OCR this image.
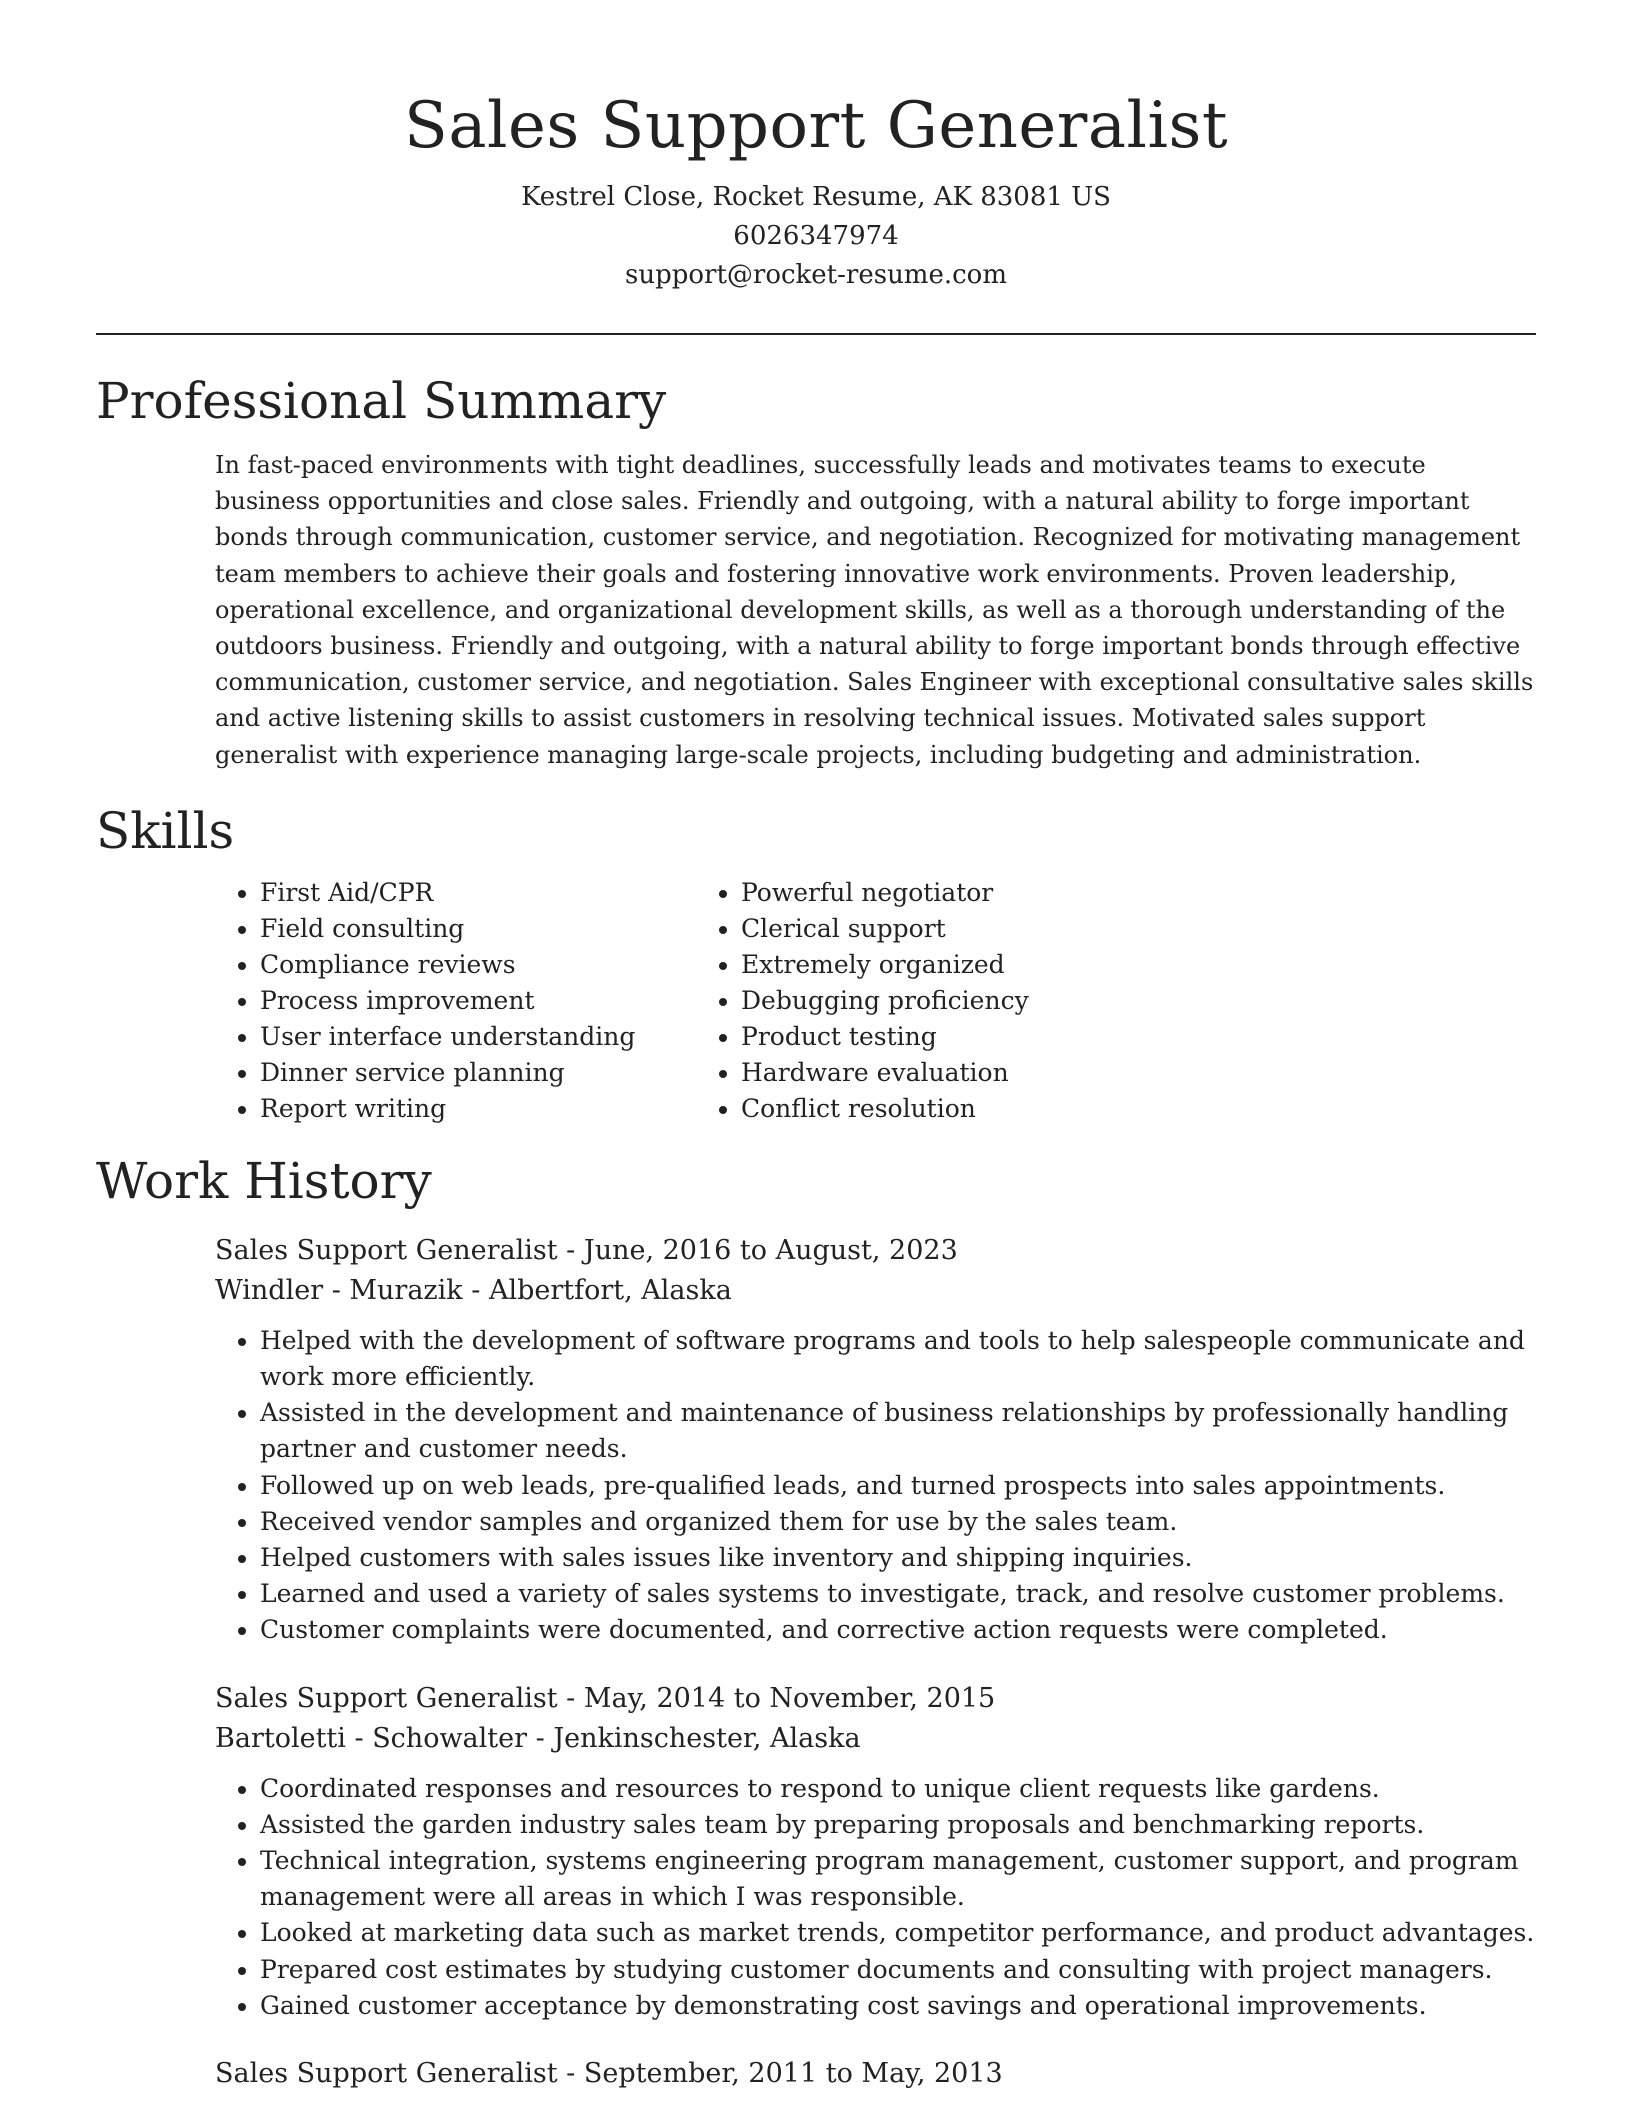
Sales Support Generalist

Kestrel Close, Rocket Resume, AK 83081 US

6026347974

support@rocket-resume.com

Professional Summary

In fast-paced environments with tight deadlines, successfully leads and motivates teams to execute business opportunities and close sales. Friendly and outgoing, with a natural ability to forge important bonds through communication, customer service, and negotiation. Recognized for motivating management team members to achieve their goals and fostering innovative work environments. Proven leadership, operational excellence, and organizational development skills, as well as a thorough understanding of the outdoors business. Friendly and outgoing, with a natural ability to forge important bonds through effective communication, customer service, and negotiation. Sales Engineer with exceptional consultative sales skills and active listening skills to assist customers in resolving technical issues. Motivated sales support generalist with experience managing large-scale projects, including budgeting and administration.

Skills
• First Aid/CPR
• Field consulting
• Compliance reviews
• Process improvement
• User interface understanding
• Dinner service planning
• Report writing
• Powerful negotiator
• Clerical support
• Extremely organized
• Debugging proficiency
• Product testing
• Hardware evaluation
• Conflict resolution
Work History
Sales Support Generalist - June, 2016 to August, 2023
Windler - Murazik - Albertfort, Alaska
• Helped with the development of software programs and tools to help salespeople communicate and work more efficiently.
• Assisted in the development and maintenance of business relationships by professionally handling partner and customer needs.
• Followed up on web leads, pre-qualified leads, and turned prospects into sales appointments.
• Received vendor samples and organized them for use by the sales team.
• Helped customers with sales issues like inventory and shipping inquiries.
• Learned and used a variety of sales systems to investigate, track, and resolve customer problems.
• Customer complaints were documented, and corrective action requests were completed.
Sales Support Generalist - May, 2014 to November, 2015
Bartoletti - Schowalter - Jenkinschester, Alaska
• Coordinated responses and resources to respond to unique client requests like gardens.
• Assisted the garden industry sales team by preparing proposals and benchmarking reports.
• Technical integration, systems engineering program management, customer support, and program management were all areas in which I was responsible.
• Looked at marketing data such as market trends, competitor performance, and product advantages.
• Prepared cost estimates by studying customer documents and consulting with project managers.
• Gained customer acceptance by demonstrating cost savings and operational improvements.
Sales Support Generalist - September, 2011 to May, 2013
